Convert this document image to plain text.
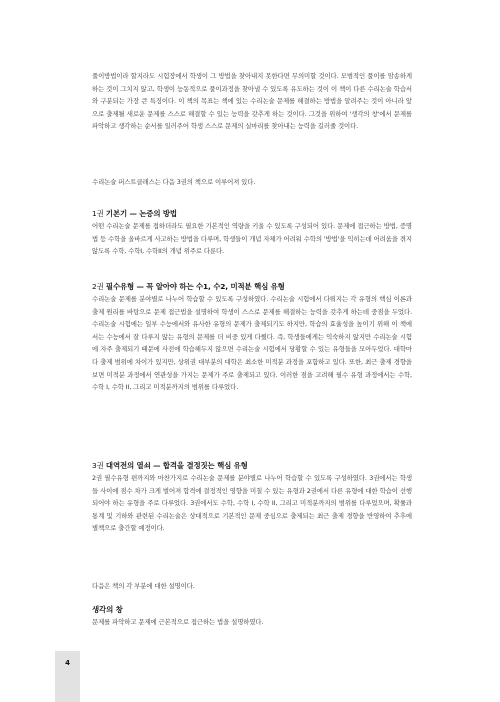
풀이방법이라 할지라도 시험장에서 학생이 그 방법을 찾아내지 못한다면 무의미할 것이다. 모범적인 풀이를 암송하게 하는 것이 그치지 않고, 학생이 능동적으로 풀이과정을 찾아낼 수 있도록 유도하는 것이 이 책이 다른 수리논술 학습서와 구분되는 가장 큰 특징이다. 이 책의 목표는 책에 있는 수리논술 문제를 해결하는 방법을 알려주는 것이 아니라 앞으로 출제될 새로운 문제를 스스로 해결할 수 있는 능력을 갖추게 하는 것이다. 그것을 위하여 '생각의 창'에서 문제를 파악하고 생각하는 순서를 일러주어 학생 스스로 문제의 실마리를 찾아내는 능력을 길러줄 것이다.

수리논술 퍼스트클래스는 다음 3권의 책으로 이루어져 있다.

1권 기본기 — 논증의 방법

어떤 수리논술 문제를 접하더라도 필요한 기본적인 역량을 키울 수 있도록 구성되어 있다. 문제에 접근하는 방법, 증명법 등 수학을 올바르게 사고하는 방법을 다루며, 학생들이 개념 자체가 어려워 수학의 '방법'을 익히는데 어려움을 겪지 않도록 수학, 수학I, 수학II의 개념 위주로 다룬다.

2권 필수유형 — 꼭 알아야 하는 수1, 수2, 미적분 핵심 유형

수리논술 문제를 분야별로 나누어 학습할 수 있도록 구성하였다. 수리논술 시험에서 다뤄지는 각 유형의 핵심 이론과 출제 원리를 바탕으로 문제 접근법을 설명하여 학생이 스스로 문제를 해결하는 능력을 갖추게 하는데 중점을 두었다. 수리논술 시험에는 일부 수능에서와 유사한 유형의 문제가 출제되기도 하지만, 학습의 효율성을 높이기 위해 이 책에서는 수능에서 잘 다루지 않는 유형의 문제를 더 비중 있게 다뤘다. 즉, 학생들에게는 익숙하지 않지만 수리논술 시험에 자주 출제되기 때문에 사전에 학습해두지 않으면 수리논술 시험에서 당황할 수 있는 유형들을 모아두었다. 대학마다 출제 범위에 차이가 있지만, 상위권 대부분의 대학은 최소한 미적분 과정을 포함하고 있다. 또한, 최근 출제 경향을 보면 미적분 과정에서 연관성을 가지는 문제가 주로 출제되고 있다. 이러한 점을 고려해 필수 유형 과정에서는 수학, 수학 I, 수학 II, 그리고 미적분까지의 범위를 다루었다.

3권 대역전의 열쇠 — 합격을 결정짓는 핵심 유형

2권 필수유형 편까지와 마찬가지로 수리논술 문제를 분야별로 나누어 학습할 수 있도록 구성하였다. 3권에서는 학생들 사이에 점수 차가 크게 벌어져 합격에 결정적인 영향을 미칠 수 있는 유형과 2권에서 다른 유형에 대한 학습이 선행되어야 하는 유형을 주로 다루었다. 3권에서도 수학, 수학 I, 수학 II, 그리고 미적분까지의 범위를 다루었으며, 확률과 통계 및 기하와 관련된 수리논술은 상대적으로 기본적인 문제 중심으로 출제되는 최근 출제 경향을 반영하여 추후에 별책으로 출간할 예정이다.

다음은 책의 각 부분에 대한 설명이다.

생각의 창

문제를 파악하고 문제에 근본적으로 접근하는 법을 설명하였다.

4
